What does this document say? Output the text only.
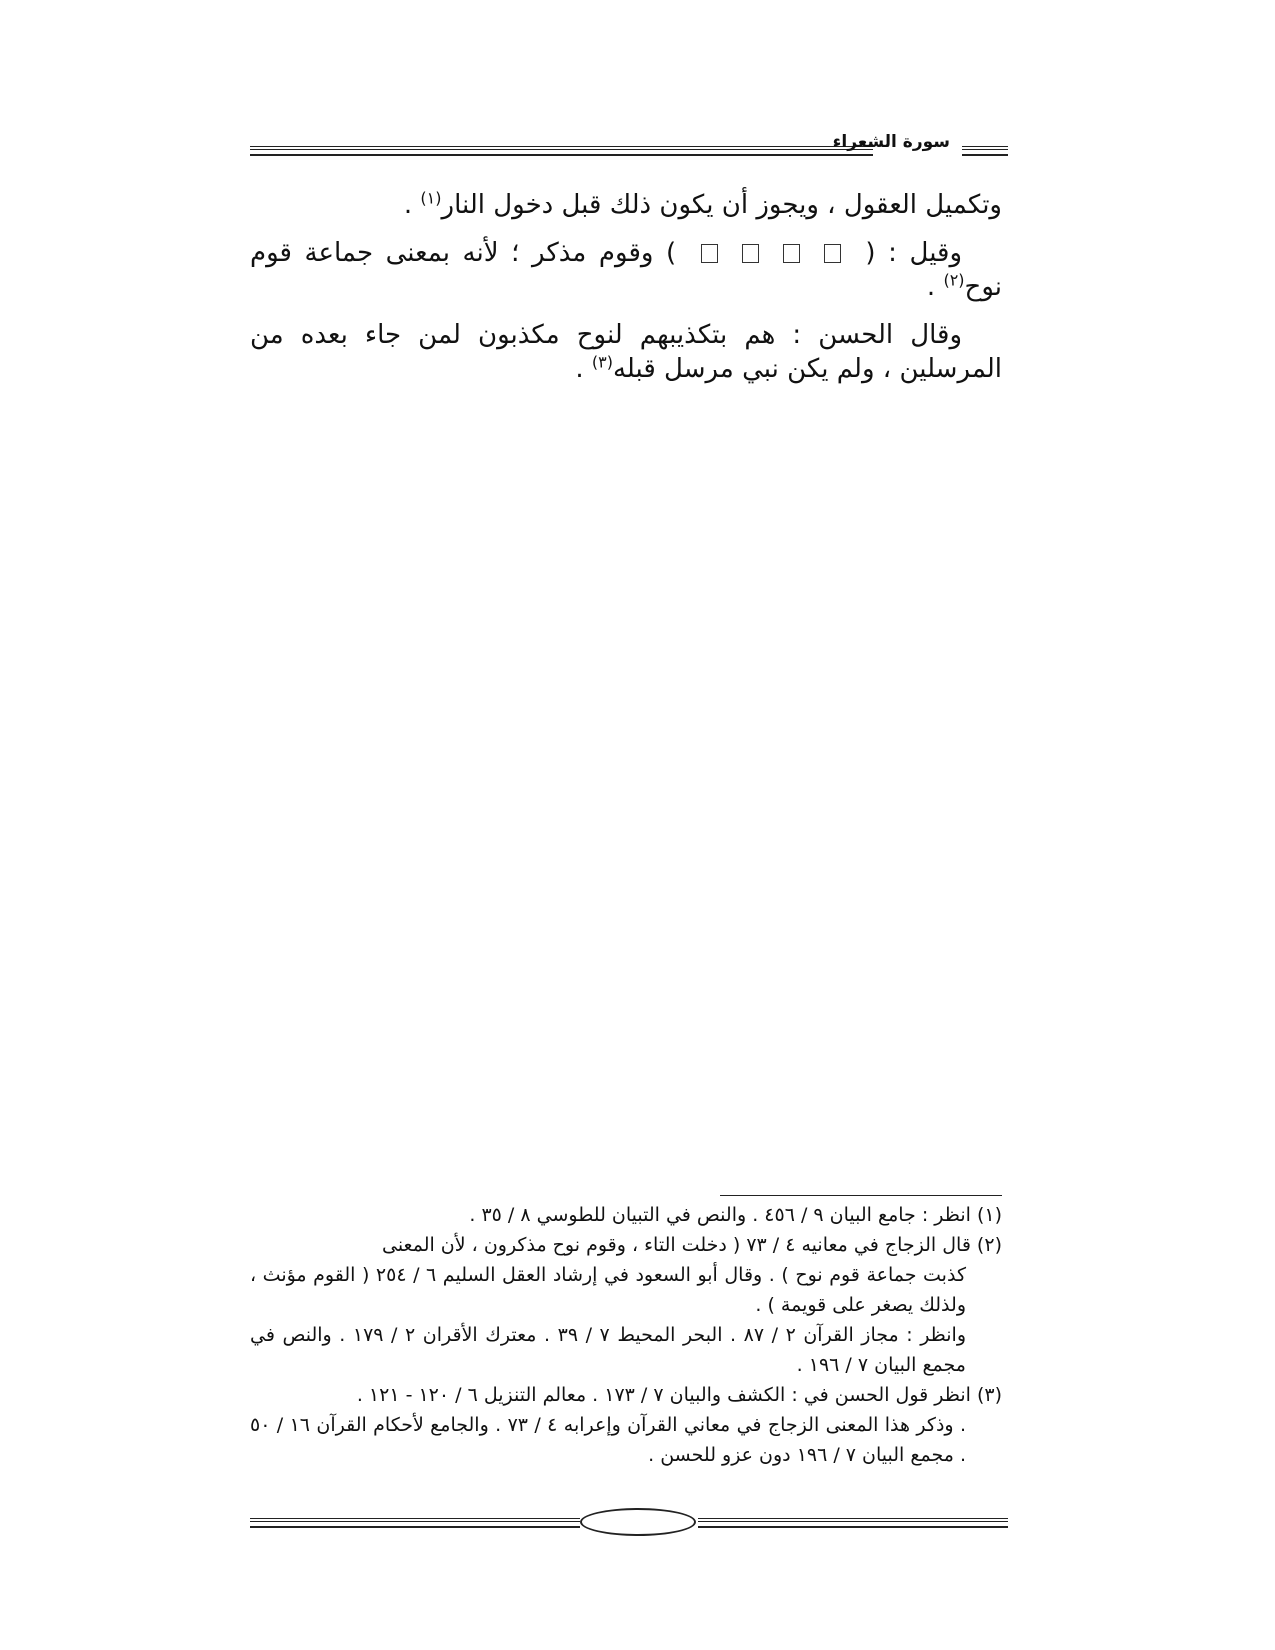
سورة الشعراء

وتكميل العقول ، ويجوز أن يكون ذلك قبل دخول النار$^{(١)}$ .

وقيل : (  ) وقوم مذكر ؛ لأنه بمعنى جماعة قوم نوح$^{(٢)}$ .

وقال الحسن : هم بتكذيبهم لنوح مكذبون لمن جاء بعده من المرسلين ، ولم يكن نبي مرسل قبله$^{(٣)}$ .

(١) انظر : جامع البيان ٩ / ٤٥٦ . والنص في التبيان للطوسي ٨ / ٣٥ .

(٢) قال الزجاج في معانيه ٤ / ٧٣ ( دخلت التاء ، وقوم نوح مذكرون ، لأن المعنى

كذبت جماعة قوم نوح ) . وقال أبو السعود في إرشاد العقل السليم ٦ / ٢٥٤ ( القوم مؤنث ، ولذلك يصغر على قويمة ) .

وانظر : مجاز القرآن ٢ / ٨٧ . البحر المحيط ٧ / ٣٩ . معترك الأقران ٢ / ١٧٩ . والنص في مجمع البيان ٧ / ١٩٦ .

(٣) انظر قول الحسن في : الكشف والبيان ٧ / ١٧٣ . معالم التنزيل ٦ / ١٢٠ - ١٢١ .

. وذكر هذا المعنى الزجاج في معاني القرآن وإعرابه ٤ / ٧٣ . والجامع لأحكام القرآن ١٦ / ٥٠ . مجمع البيان ٧ / ١٩٦ دون عزو للحسن .
